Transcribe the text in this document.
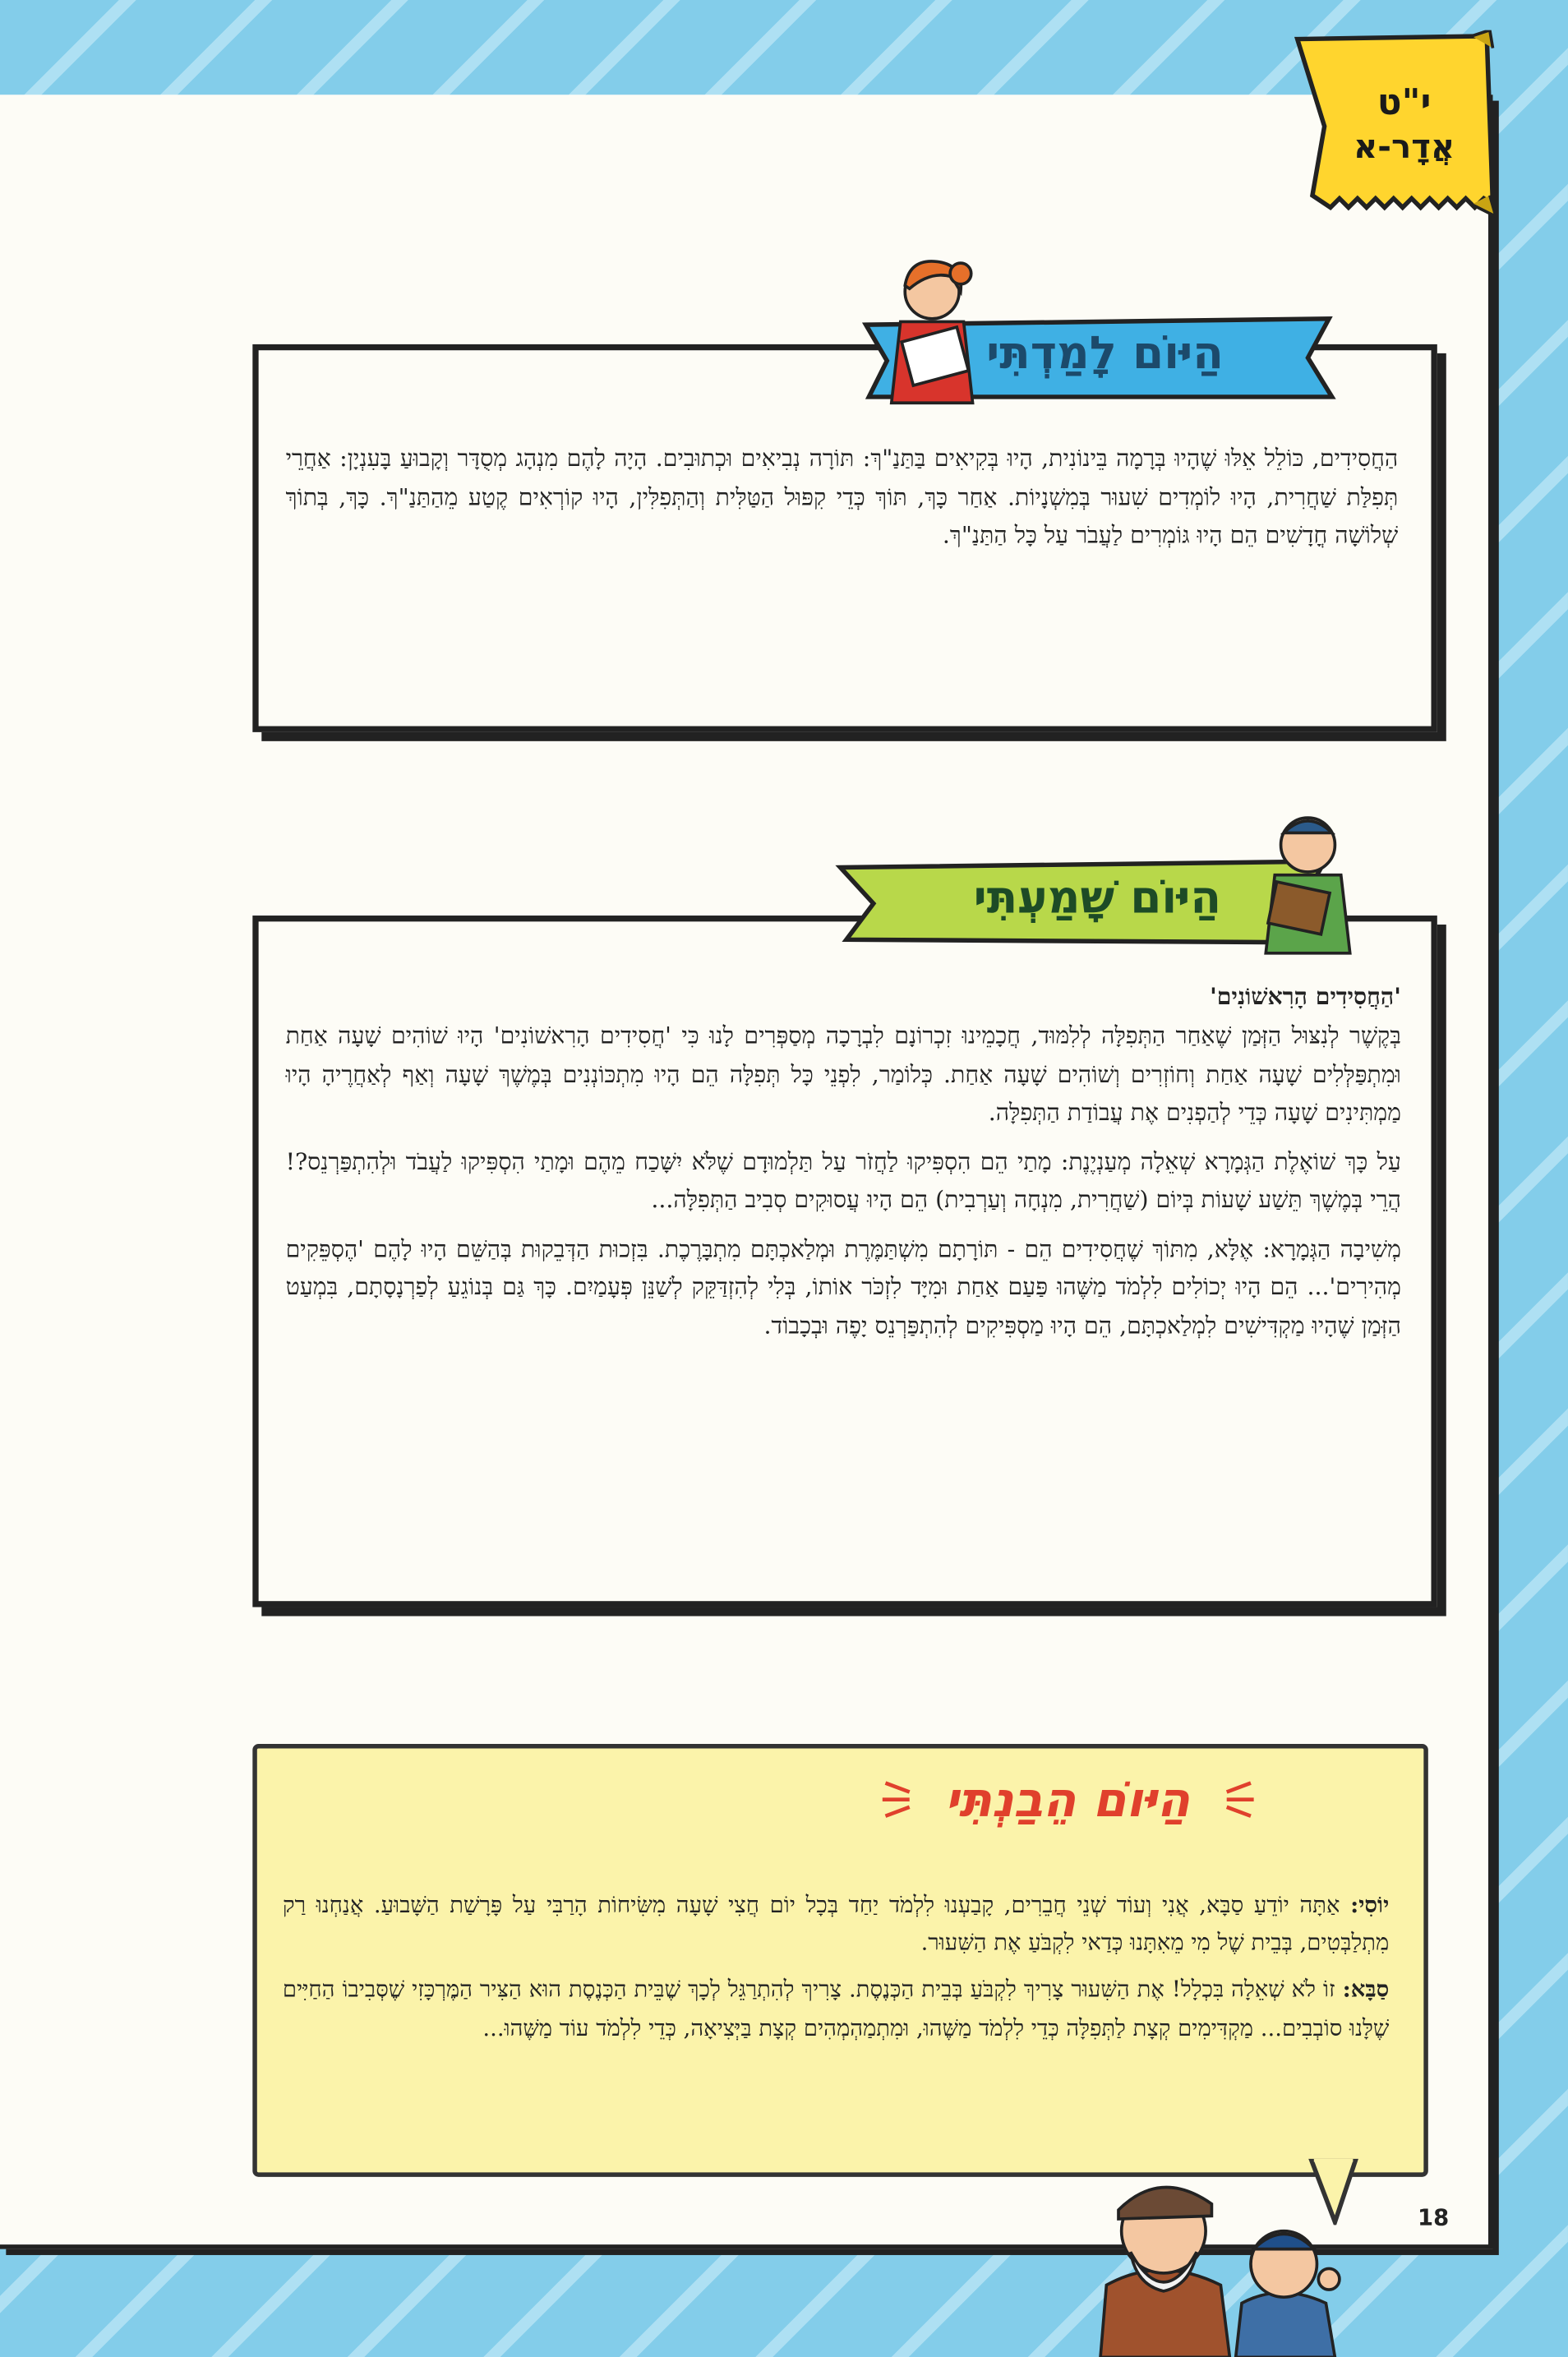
י"ט
אֲדָר-א

הַחֲסִידִים, כּוֹלֵל אֵלּוּ שֶׁהָיוּ בְּרָמָה בֵּינוֹנִית, הָיוּ בְּקִיאִים בַּתַּנַ"ךְ: תּוֹרָה נְבִיאִים וּכְתוּבִים. הָיָה לָהֶם מִנְהָג מְסֻדָּר וְקָבוּעַ בָּעִנְיָן: אַחֲרֵי תְּפִלַּת שַׁחֲרִית, הָיוּ לוֹמְדִים שִׁעוּר בְּמִשְׁנָיוֹת. אַחַר כָּךְ, תּוֹךְ כְּדֵי קִפּוּל הַטַּלִּית וְהַתְּפִלִּין, הָיוּ קוֹרְאִים קֶטַע מֵהַתַּנַ"ךְ. כָּךְ, בְּתוֹךְ שְׁלוֹשָׁה חֳדָשִׁים הֵם הָיוּ גּוֹמְרִים לַעֲבֹר עַל כָּל הַתַּנַ"ךְ.

הַיּוֹם לָמַדְתִּי

'הַחֲסִידִים הָרִאשׁוֹנִים'

בְּקֶשֶׁר לְנִצּוּל הַזְּמַן שֶׁאַחַר הַתְּפִלָּה לְלִמּוּד, חֲכָמֵינוּ זִכְרוֹנָם לִבְרָכָה מְסַפְּרִים לָנוּ כִּי 'חֲסִידִים הָרִאשׁוֹנִים' הָיוּ שׁוֹהִים שָׁעָה אַחַת וּמִתְפַּלְּלִים שָׁעָה אַחַת וְחוֹזְרִים וְשׁוֹהִים שָׁעָה אַחַת. כְּלוֹמַר, לִפְנֵי כָּל תְּפִלָּה הֵם הָיוּ מִתְכּוֹנְנִים בְּמֶשֶׁךְ שָׁעָה וְאַף לְאַחֲרֶיהָ הָיוּ מַמְתִּינִים שָׁעָה כְּדֵי לְהַפְנִים אֶת עֲבוֹדַת הַתְּפִלָּה.

עַל כָּךְ שׁוֹאֶלֶת הַגְּמָרָא שְׁאֵלָה מְעַנְיֶנֶת: מָתַי הֵם הִסְפִּיקוּ לַחֲזֹר עַל תַּלְמוּדָם שֶׁלֹּא יִשָּׁכַח מֵהֶם וּמָתַי הִסְפִּיקוּ לַעֲבֹד וּלְהִתְפַּרְנֵס?! הֲרֵי בְּמֶשֶׁךְ תֵּשַׁע שָׁעוֹת בְּיוֹם (שַׁחֲרִית, מִנְחָה וְעַרְבִית) הֵם הָיוּ עֲסוּקִים סְבִיב הַתְּפִלָּה...

מְשִׁיבָה הַגְּמָרָא: אֶלָּא, מִתּוֹךְ שֶׁחֲסִידִים הֵם - תּוֹרָתָם מִשְׁתַּמֶּרֶת וּמְלַאכְתָּם מִתְבָּרֶכֶת. בִּזְכוּת הַדְּבֵקוּת בְּהַשֵּׁם הָיוּ לָהֶם 'הֶסְפֵּקִים מְהִירִים'... הֵם הָיוּ יְכוֹלִים לִלְמֹד מַשֶּׁהוּ פַּעַם אַחַת וּמִיָּד לִזְכֹּר אוֹתוֹ, בְּלִי לְהִזְדַּקֵּק לְשַׁנֵּן פְּעָמַיִם. כָּךְ גַּם בְּנוֹגֵעַ לְפַרְנָסָתָם, בִּמְעַט הַזְּמַן שֶׁהָיוּ מַקְדִּישִׁים לִמְלַאכְתָּם, הֵם הָיוּ מַסְפִּיקִים לְהִתְפַּרְנֵס יָפֶה וּבְכָבוֹד.

הַיּוֹם שָׁמַעְתִּי
הַיּוֹם הֵבַנְתִּי

יוֹסִי: אַתָּה יוֹדֵעַ סַבָּא, אֲנִי וְעוֹד שְׁנֵי חֲבֵרִים, קָבַעְנוּ לִלְמֹד יַחַד בְּכָל יוֹם חֲצִי שָׁעָה מִשִּׂיחוֹת הָרַבִּי עַל פָּרָשַׁת הַשָּׁבוּעַ. אֲנַחְנוּ רַק מִתְלַבְּטִים, בְּבֵית שֶׁל מִי מֵאִתָּנוּ כְּדַאי לִקְבֹּעַ אֶת הַשִּׁעוּר.

סַבָּא: זוֹ לֹא שְׁאֵלָה בִּכְלָל! אֶת הַשִּׁעוּר צָרִיךְ לִקְבֹּעַ בְּבֵית הַכְּנֶסֶת. צָרִיךְ לְהִתְרַגֵּל לְכָךְ שֶׁבֵּית הַכְּנֶסֶת הוּא הַצִּיר הַמֶּרְכָּזִי שֶׁסְּבִיבוֹ הַחַיִּים שֶׁלָּנוּ סוֹבְבִים... מַקְדִּימִים קְצָת לַתְּפִלָּה כְּדֵי לִלְמֹד מַשֶּׁהוּ, וּמִתְמַהְמְהִים קְצָת בַּיְּצִיאָה, כְּדֵי לִלְמֹד עוֹד מַשֶּׁהוּ...

18
